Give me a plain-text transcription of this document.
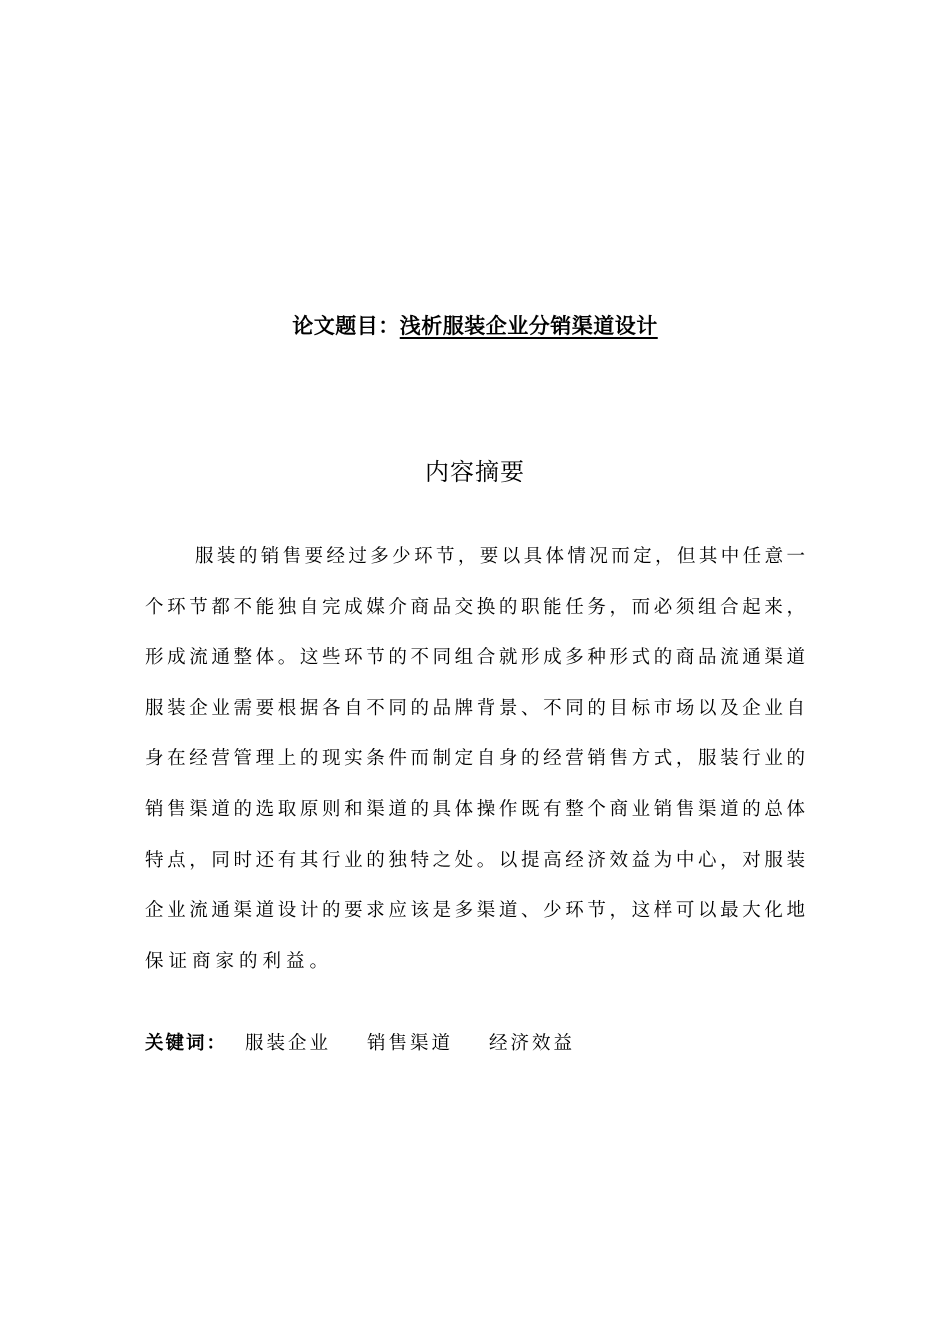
论文题目：浅析服装企业分销渠道设计
内容摘要
服装的销售要经过多少环节，要以具体情况而定，但其中任意一
个环节都不能独自完成媒介商品交换的职能任务，而必须组合起来，
形成流通整体。这些环节的不同组合就形成多种形式的商品流通渠道
服装企业需要根据各自不同的品牌背景、不同的目标市场以及企业自
身在经营管理上的现实条件而制定自身的经营销售方式，服装行业的
销售渠道的选取原则和渠道的具体操作既有整个商业销售渠道的总体
特点，同时还有其行业的独特之处。以提高经济效益为中心，对服装
企业流通渠道设计的要求应该是多渠道、少环节，这样可以最大化地
保证商家的利益。
关键词： 服装企业 销售渠道 经济效益
